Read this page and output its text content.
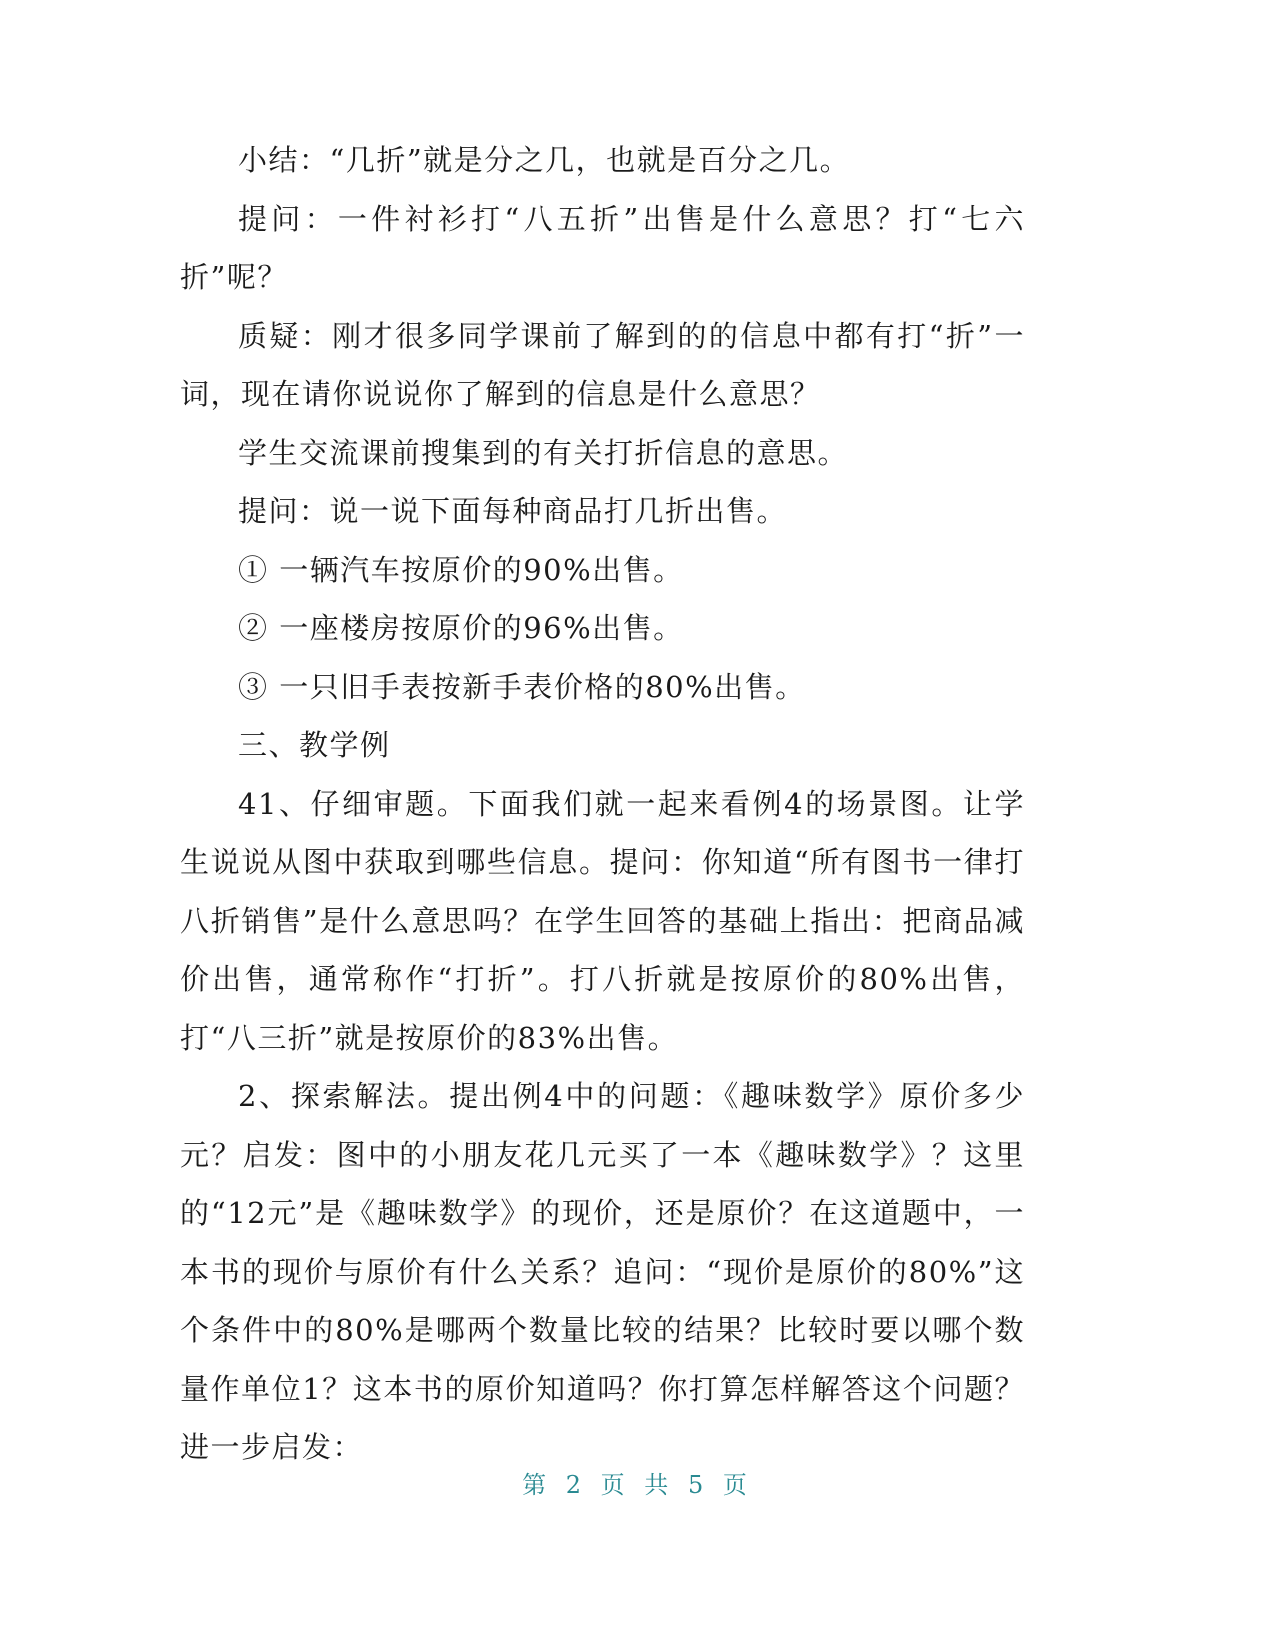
小结：“几折”就是分之几，也就是百分之几。

提问：一件衬衫打“八五折”出售是什么意思？打“七六折”呢？

质疑：刚才很多同学课前了解到的的信息中都有打“折”一词，现在请你说说你了解到的信息是什么意思？

学生交流课前搜集到的有关打折信息的意思。

提问：说一说下面每种商品打几折出售。

① 一辆汽车按原价的90%出售。

② 一座楼房按原价的96%出售。

③ 一只旧手表按新手表价格的80%出售。

三、教学例

41、仔细审题。下面我们就一起来看例4的场景图。让学生说说从图中获取到哪些信息。提问：你知道“所有图书一律打八折销售”是什么意思吗？在学生回答的基础上指出：把商品减价出售，通常称作“打折”。打八折就是按原价的80%出售，打“八三折”就是按原价的83%出售。

2、探索解法。提出例4中的问题：《趣味数学》原价多少元？启发：图中的小朋友花几元买了一本《趣味数学》？这里的“12元”是《趣味数学》的现价，还是原价？在这道题中，一本书的现价与原价有什么关系？追问：“现价是原价的80%”这个条件中的80%是哪两个数量比较的结果？比较时要以哪个数量作单位1？这本书的原价知道吗？你打算怎样解答这个问题？进一步启发：

第 2 页 共 5 页
